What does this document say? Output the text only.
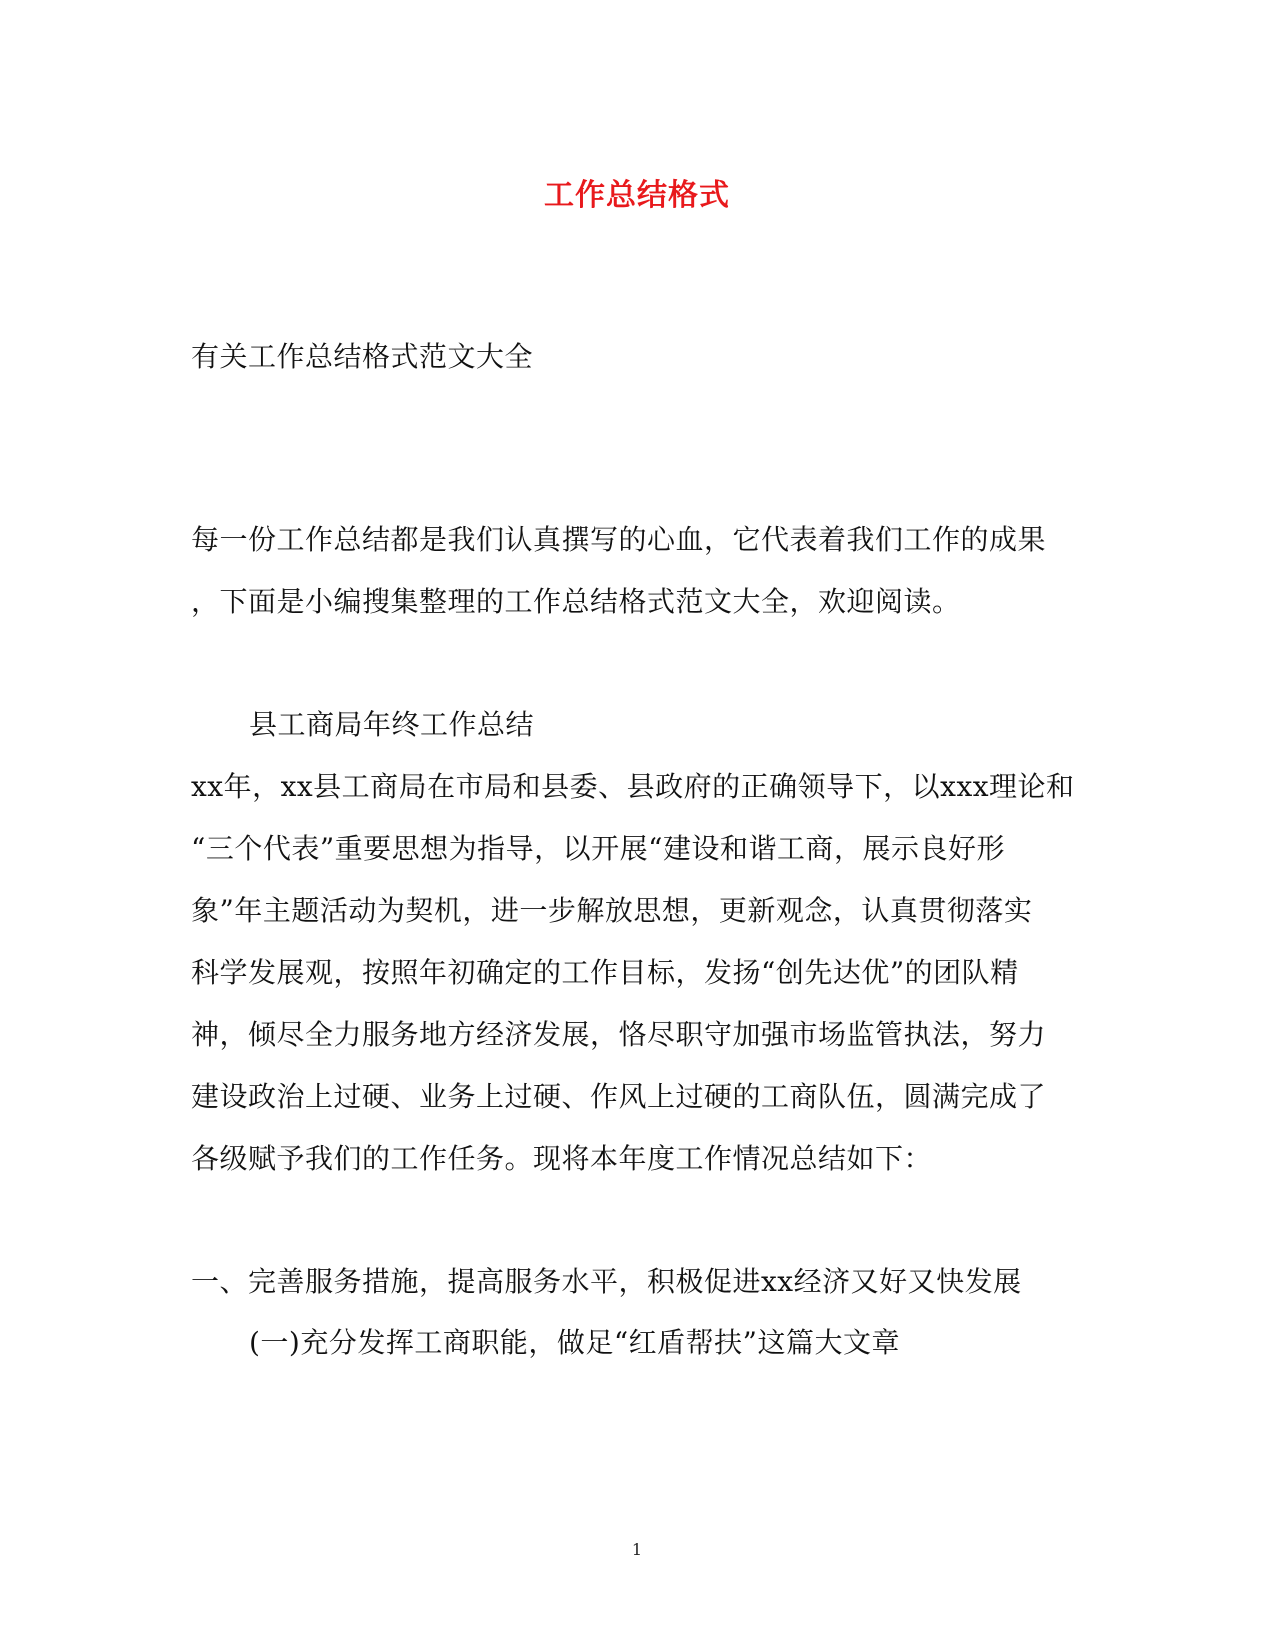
工作总结格式
有关工作总结格式范文大全
每一份工作总结都是我们认真撰写的心血，它代表着我们工作的成果
，下面是小编搜集整理的工作总结格式范文大全，欢迎阅读。
县工商局年终工作总结
xx年，xx县工商局在市局和县委、县政府的正确领导下，以xxx理论和
“三个代表”重要思想为指导，以开展“建设和谐工商，展示良好形
象”年主题活动为契机，进一步解放思想，更新观念，认真贯彻落实
科学发展观，按照年初确定的工作目标，发扬“创先达优”的团队精
神，倾尽全力服务地方经济发展，恪尽职守加强市场监管执法，努力
建设政治上过硬、业务上过硬、作风上过硬的工商队伍，圆满完成了
各级赋予我们的工作任务。现将本年度工作情况总结如下：
一、完善服务措施，提高服务水平，积极促进xx经济又好又快发展
(一)充分发挥工商职能，做足“红盾帮扶”这篇大文章
1
